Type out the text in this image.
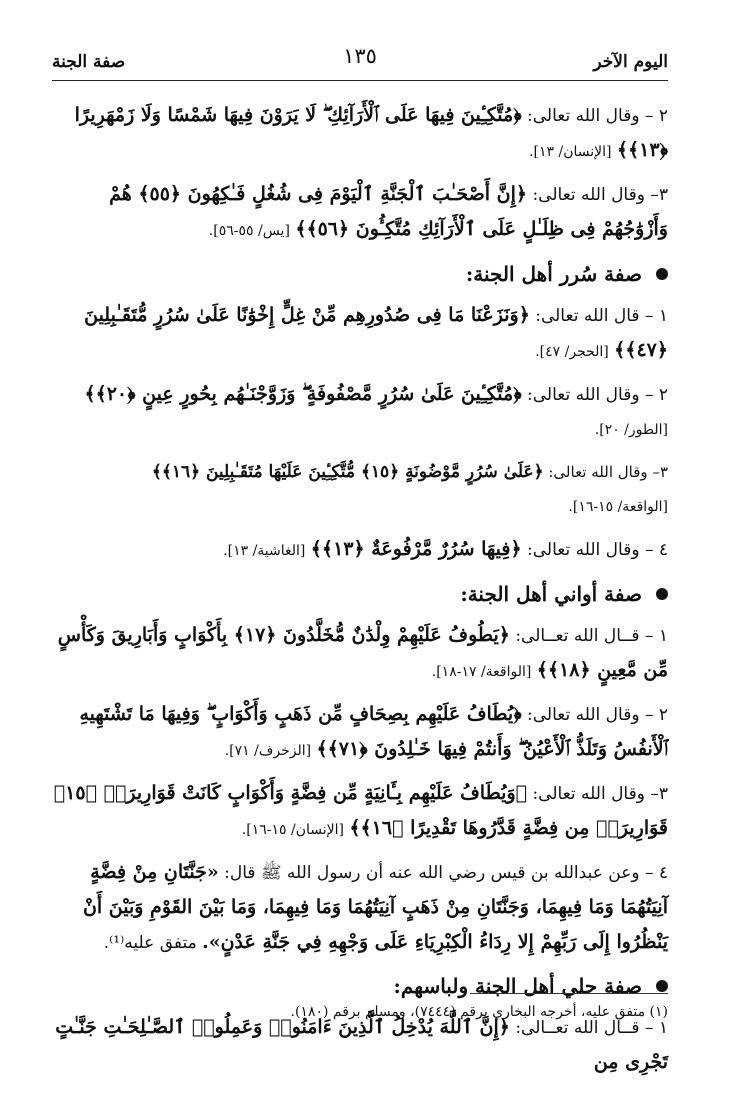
اليوم الآخر
١٣٥
صفة الجنة
٢ – وقال الله تعالى: ﴿مُتَّكِـِٔينَ فِيهَا عَلَى ٱلْأَرَآئِكِ ۖ لَا يَرَوْنَ فِيهَا شَمْسًا وَلَا زَمْهَرِيرًا ﴿١٣﴾﴾ [الإنسان/ ١٣].
٣– وقال الله تعالى: ﴿إِنَّ أَصْحَـٰبَ ٱلْجَنَّةِ ٱلْيَوْمَ فِى شُغُلٍ فَـٰكِهُونَ ﴿٥٥﴾ هُمْ وَأَزْوَٰجُهُمْ فِى ظِلَـٰلٍ عَلَى ٱلْأَرَآئِكِ مُتَّكِـُٔونَ ﴿٥٦﴾﴾ [يس/ ٥٥-٥٦].
صفة سُرر أهل الجنة:
١ – قال الله تعالى: ﴿وَنَزَعْنَا مَا فِى صُدُورِهِم مِّنْ غِلٍّ إِخْوَٰنًا عَلَىٰ سُرُرٍ مُّتَقَـٰبِلِينَ ﴿٤٧﴾﴾ [الحجر/ ٤٧].
٢ – وقال الله تعالى: ﴿مُتَّكِـِٔينَ عَلَىٰ سُرُرٍ مَّصْفُوفَةٍ ۖ وَزَوَّجْنَـٰهُم بِحُورٍ عِينٍ ﴿٢٠﴾﴾ [الطور/ ٢٠].
٣– وقال الله تعالى: ﴿عَلَىٰ سُرُرٍ مَّوْضُونَةٍ ﴿١٥﴾ مُّتَّكِـِٔينَ عَلَيْهَا مُتَقَـٰبِلِينَ ﴿١٦﴾﴾ [الواقعة/ ١٥-١٦].
٤ – وقال الله تعالى: ﴿فِيهَا سُرُرٌ مَّرْفُوعَةٌ ﴿١٣﴾﴾ [الغاشية/ ١٣].
صفة أواني أهل الجنة:
١ – قــال الله تعــالى: ﴿يَطُوفُ عَلَيْهِمْ وِلْدَٰنٌ مُّخَلَّدُونَ ﴿١٧﴾ بِأَكْوَابٍ وَأَبَارِيقَ وَكَأْسٍ مِّن مَّعِينٍ ﴿١٨﴾﴾ [الواقعة/ ١٧-١٨].
٢ – وقال الله تعالى: ﴿يُطَافُ عَلَيْهِم بِصِحَافٍ مِّن ذَهَبٍ وَأَكْوَابٍ ۖ وَفِيهَا مَا تَشْتَهِيهِ ٱلْأَنفُسُ وَتَلَذُّ ٱلْأَعْيُنُ ۖ وَأَنتُمْ فِيهَا خَـٰلِدُونَ ﴿٧١﴾﴾ [الزخرف/ ٧١].
٣– وقال الله تعالى: ﴿وَيُطَافُ عَلَيْهِم بِـَٔانِيَةٍ مِّن فِضَّةٍ وَأَكْوَابٍ كَانَتْ قَوَارِيرَا۠ ﴿١٥﴾ قَوَارِيرَا۟ مِن فِضَّةٍ قَدَّرُوهَا تَقْدِيرًا ﴿١٦﴾﴾ [الإنسان/ ١٥-١٦].
٤ – وعن عبدالله بن قيس رضي الله عنه أن رسول الله ﷺ قال: «جَنَّتَانِ مِنْ فِضَّةٍ آنِيَتُهُمَا وَمَا فِيهِمَا، وَجَنَّتَانِ مِنْ ذَهَبٍ آنِيَتُهُمَا وَمَا فِيهِمَا، وَمَا بَيْنَ القَوْمِ وَبَيْنَ أَنْ يَنْظُرُوا إِلَى رَبِّهِمْ إِلا رِدَاءُ الْكِبْرِيَاءِ عَلَى وَجْهِهِ فِي جَنَّةِ عَدْنٍ». متفق عليه⁽¹⁾.
صفة حلي أهل الجنة ولباسهم:
١ – قــال الله تعــالى: ﴿إِنَّ ٱللَّهَ يُدْخِلُ ٱلَّذِينَ ءَامَنُوا۟ وَعَمِلُوا۟ ٱلصَّـٰلِحَـٰتِ جَنَّـٰتٍ تَجْرِى مِن
(١) متفق عليه، أخرجه البخاري برقم (٧٤٤٤)، ومسلم برقم (١٨٠).
